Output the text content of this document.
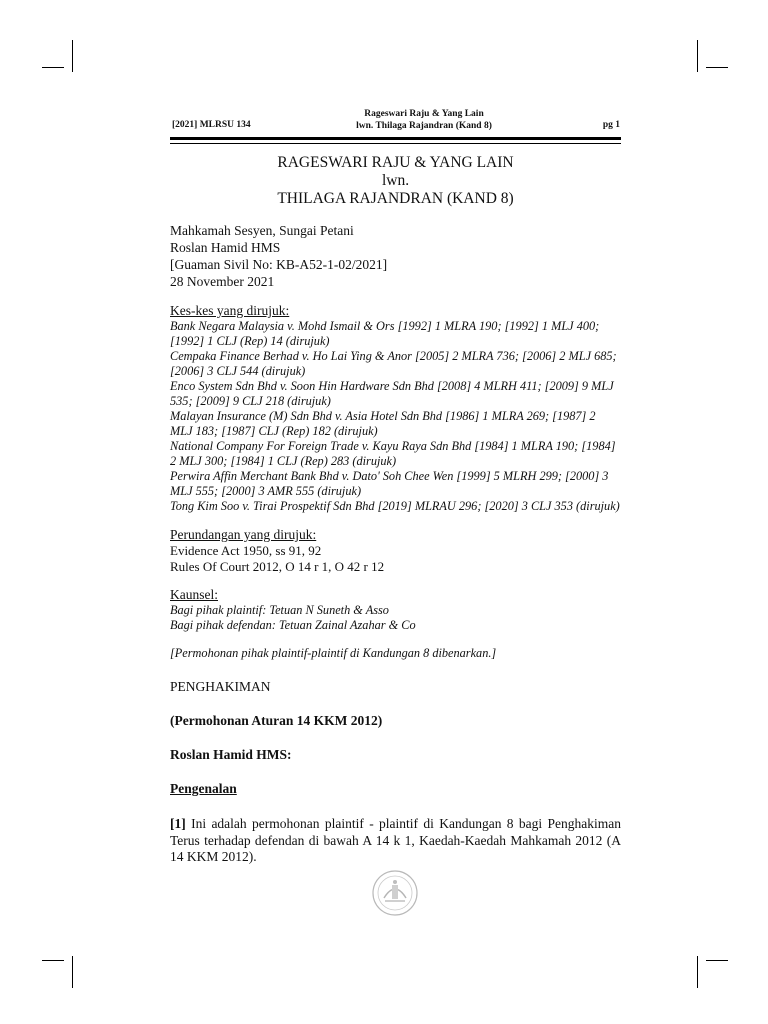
[2021] MLRSU 134
Rageswari Raju & Yang Lain
lwn. Thilaga Rajandran (Kand 8)	pg 1
RAGESWARI RAJU & YANG LAIN
lwn.
THILAGA RAJANDRAN (KAND 8)
Mahkamah Sesyen, Sungai Petani
Roslan Hamid HMS
[Guaman Sivil No: KB-A52-1-02/2021]
28 November 2021
Kes-kes yang dirujuk:
Bank Negara Malaysia v. Mohd Ismail & Ors [1992] 1 MLRA 190; [1992] 1 MLJ 400; [1992] 1 CLJ (Rep) 14 (dirujuk)
Cempaka Finance Berhad v. Ho Lai Ying & Anor [2005] 2 MLRA 736; [2006] 2 MLJ 685; [2006] 3 CLJ 544 (dirujuk)
Enco System Sdn Bhd v. Soon Hin Hardware Sdn Bhd [2008] 4 MLRH 411; [2009] 9 MLJ 535; [2009] 9 CLJ 218 (dirujuk)
Malayan Insurance (M) Sdn Bhd v. Asia Hotel Sdn Bhd [1986] 1 MLRA 269; [1987] 2 MLJ 183; [1987] CLJ (Rep) 182 (dirujuk)
National Company For Foreign Trade v. Kayu Raya Sdn Bhd [1984] 1 MLRA 190; [1984] 2 MLJ 300; [1984] 1 CLJ (Rep) 283 (dirujuk)
Perwira Affin Merchant Bank Bhd v. Dato' Soh Chee Wen [1999] 5 MLRH 299; [2000] 3 MLJ 555; [2000] 3 AMR 555 (dirujuk)
Tong Kim Soo v. Tirai Prospektif Sdn Bhd [2019] MLRAU 296; [2020] 3 CLJ 353 (dirujuk)
Perundangan yang dirujuk:
Evidence Act 1950, ss 91, 92
Rules Of Court 2012, O 14 r 1, O 42 r 12
Kaunsel:
Bagi pihak plaintif: Tetuan N Suneth & Asso
Bagi pihak defendan: Tetuan Zainal Azahar & Co
[Permohonan pihak plaintif-plaintif di Kandungan 8 dibenarkan.]
PENGHAKIMAN
(Permohonan Aturan 14 KKM 2012)
Roslan Hamid HMS:
Pengenalan
[1] Ini adalah permohonan plaintif - plaintif di Kandungan 8 bagi Penghakiman Terus terhadap defendan di bawah A 14 k 1, Kaedah-Kaedah Mahkamah 2012 (A 14 KKM 2012).
